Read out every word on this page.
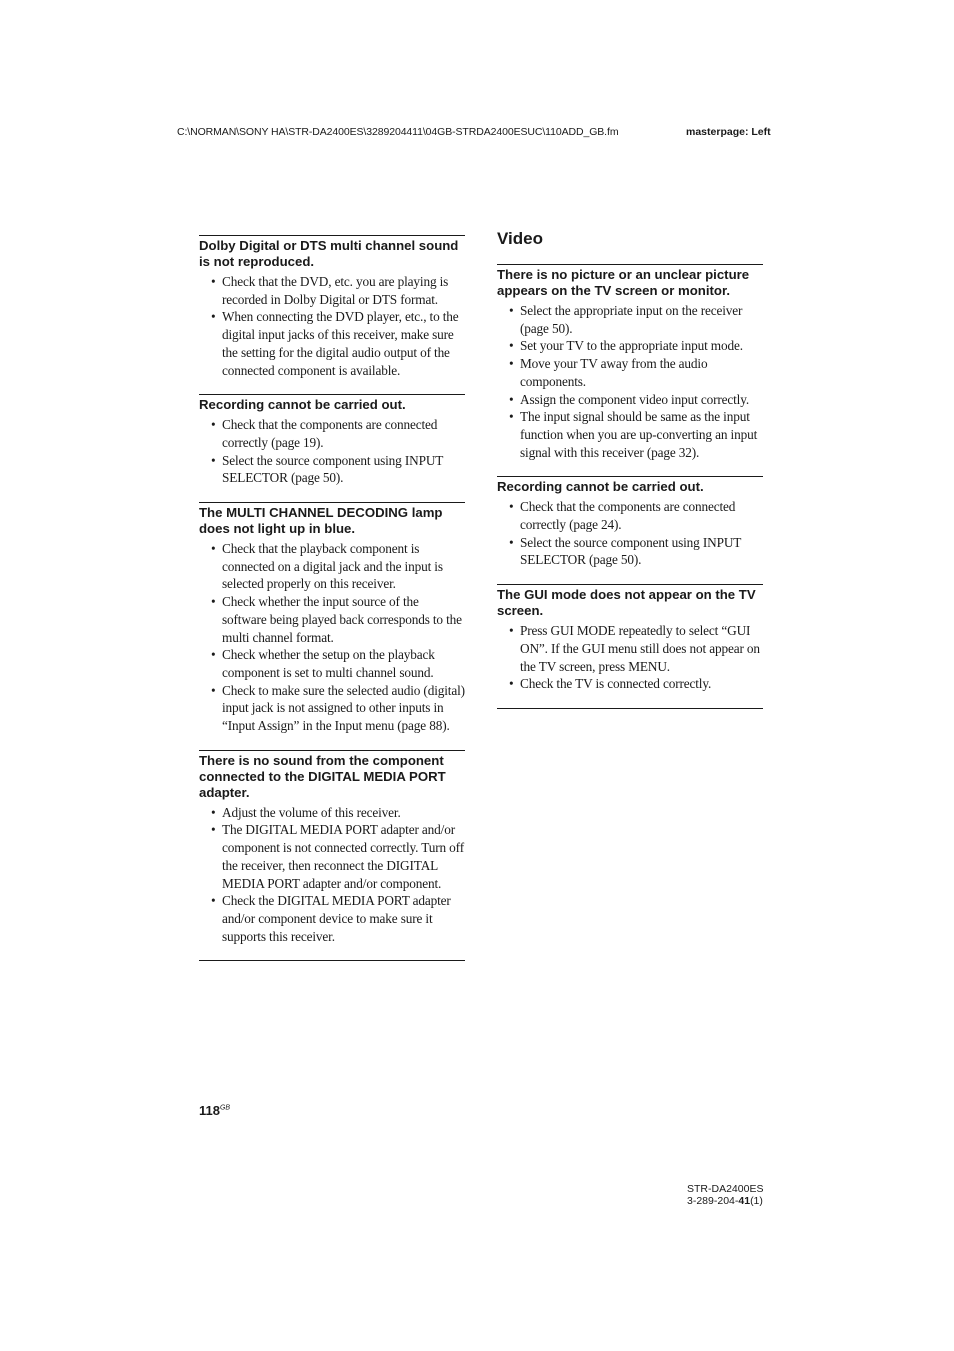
C:\NORMAN\SONY HA\STR-DA2400ES\3289204411\04GB-STRDA2400ESUC\110ADD_GB.fm	masterpage: Left
Dolby Digital or DTS multi channel sound is not reproduced.
• Check that the DVD, etc. you are playing is recorded in Dolby Digital or DTS format.
• When connecting the DVD player, etc., to the digital input jacks of this receiver, make sure the setting for the digital audio output of the connected component is available.
Recording cannot be carried out.
• Check that the components are connected correctly (page 19).
• Select the source component using INPUT SELECTOR (page 50).
The MULTI CHANNEL DECODING lamp does not light up in blue.
• Check that the playback component is connected on a digital jack and the input is selected properly on this receiver.
• Check whether the input source of the software being played back corresponds to the multi channel format.
• Check whether the setup on the playback component is set to multi channel sound.
• Check to make sure the selected audio (digital) input jack is not assigned to other inputs in “Input Assign” in the Input menu (page 88).
There is no sound from the component connected to the DIGITAL MEDIA PORT adapter.
• Adjust the volume of this receiver.
• The DIGITAL MEDIA PORT adapter and/or component is not connected correctly. Turn off the receiver, then reconnect the DIGITAL MEDIA PORT adapter and/or component.
• Check the DIGITAL MEDIA PORT adapter and/or component device to make sure it supports this receiver.
Video
There is no picture or an unclear picture appears on the TV screen or monitor.
• Select the appropriate input on the receiver (page 50).
• Set your TV to the appropriate input mode.
• Move your TV away from the audio components.
• Assign the component video input correctly.
• The input signal should be same as the input function when you are up-converting an input signal with this receiver (page 32).
Recording cannot be carried out.
• Check that the components are connected correctly (page 24).
• Select the source component using INPUT SELECTOR (page 50).
The GUI mode does not appear on the TV screen.
• Press GUI MODE repeatedly to select “GUI ON”. If the GUI menu still does not appear on the TV screen, press MENU.
• Check the TV is connected correctly.
$118^{GB}$
STR-DA2400ES
3-289-204-41(1)
